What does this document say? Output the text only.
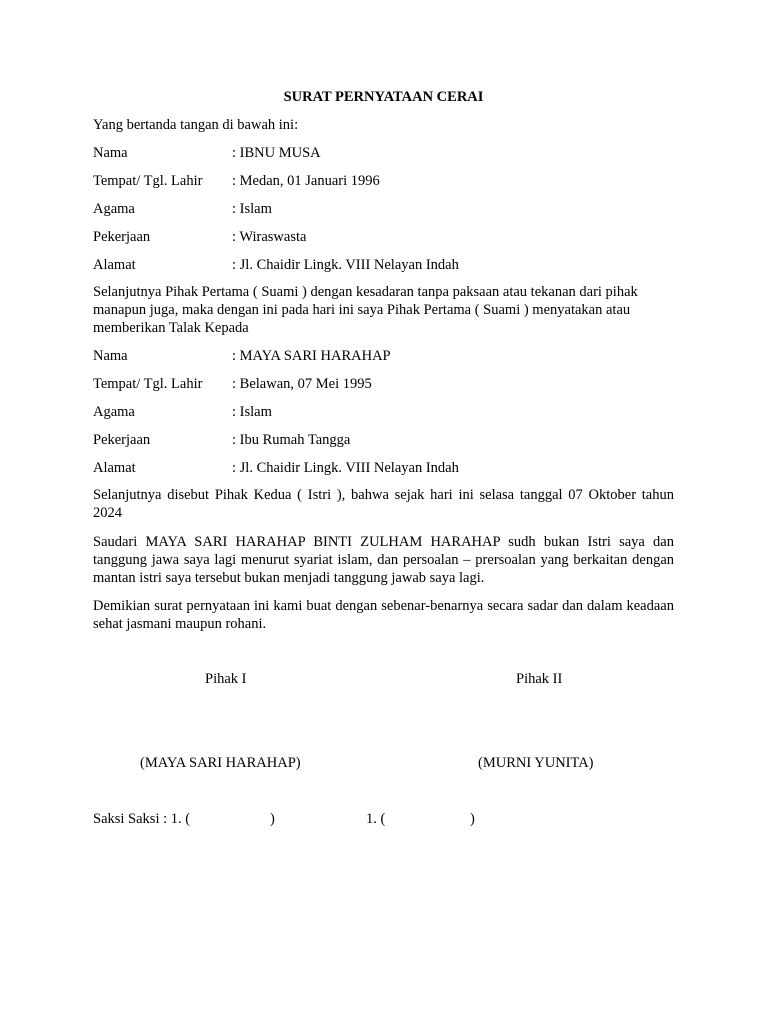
SURAT PERNYATAAN CERAI
Yang bertanda tangan di bawah ini:
Nama	: IBNU MUSA
Tempat/ Tgl. Lahir : Medan, 01 Januari 1996
Agama	: Islam
Pekerjaan	: Wiraswasta
Alamat	: Jl. Chaidir Lingk. VIII Nelayan Indah
Selanjutnya Pihak Pertama ( Suami ) dengan kesadaran tanpa paksaan atau tekanan dari pihak manapun juga, maka dengan ini pada hari ini saya Pihak Pertama ( Suami ) menyatakan atau memberikan Talak Kepada
Nama	: MAYA SARI HARAHAP
Tempat/ Tgl. Lahir : Belawan, 07 Mei 1995
Agama	: Islam
Pekerjaan	: Ibu Rumah Tangga
Alamat	: Jl. Chaidir Lingk. VIII Nelayan Indah
Selanjutnya disebut Pihak Kedua ( Istri ), bahwa sejak hari ini selasa tanggal 07 Oktober tahun 2024
Saudari MAYA SARI HARAHAP BINTI ZULHAM HARAHAP sudh bukan Istri saya dan tanggung jawa saya lagi menurut syariat islam, dan persoalan – prersoalan yang berkaitan dengan mantan istri saya tersebut bukan menjadi tanggung jawab saya lagi.
Demikian surat pernyataan ini kami buat dengan sebenar-benarnya secara sadar dan dalam keadaan sehat jasmani maupun rohani.
Pihak I	Pihak II
(MAYA SARI HARAHAP)	(MURNI YUNITA)
Saksi Saksi : 1. (	)	1. (	)
